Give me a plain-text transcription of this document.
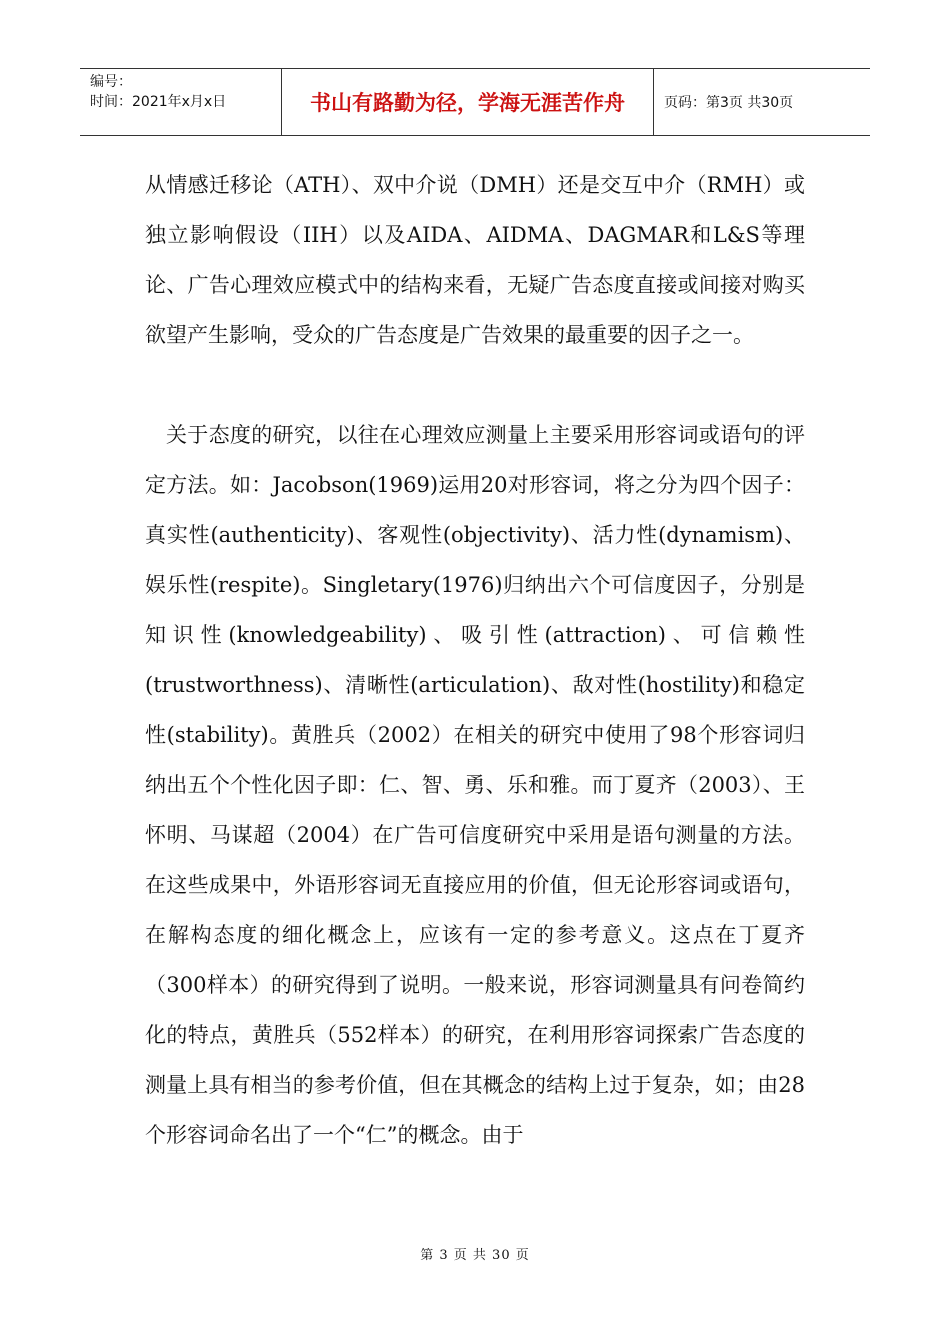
编号：
时间：2021年x月x日	书山有路勤为径，学海无涯苦作舟	页码：第3页 共30页

从情感迁移论（ATH）、双中介说（DMH）还是交互中介（RMH）或独立影响假设（IIH）以及AIDA、AIDMA、DAGMAR和L&S等理论、广告心理效应模式中的结构来看，无疑广告态度直接或间接对购买欲望产生影响，受众的广告态度是广告效果的最重要的因子之一。

关于态度的研究，以往在心理效应测量上主要采用形容词或语句的评定方法。如：Jacobson(1969)运用20对形容词，将之分为四个因子：真实性(authenticity)、客观性(objectivity)、活力性(dynamism)、娱乐性(respite)。Singletary(1976)归纳出六个可信度因子，分别是知识性(knowledgeability)、吸引性(attraction)、可信赖性(trustworthness)、清晰性(articulation)、敌对性(hostility)和稳定性(stability)。黄胜兵（2002）在相关的研究中使用了98个形容词归纳出五个个性化因子即：仁、智、勇、乐和雅。而丁夏齐（2003）、王怀明、马谋超（2004）在广告可信度研究中采用是语句测量的方法。在这些成果中，外语形容词无直接应用的价值，但无论形容词或语句，在解构态度的细化概念上，应该有一定的参考意义。这点在丁夏齐（300样本）的研究得到了说明。一般来说，形容词测量具有问卷简约化的特点，黄胜兵（552样本）的研究，在利用形容词探索广告态度的测量上具有相当的参考价值，但在其概念的结构上过于复杂，如；由28个形容词命名出了一个“仁”的概念。由于

第 3 页 共 30 页
